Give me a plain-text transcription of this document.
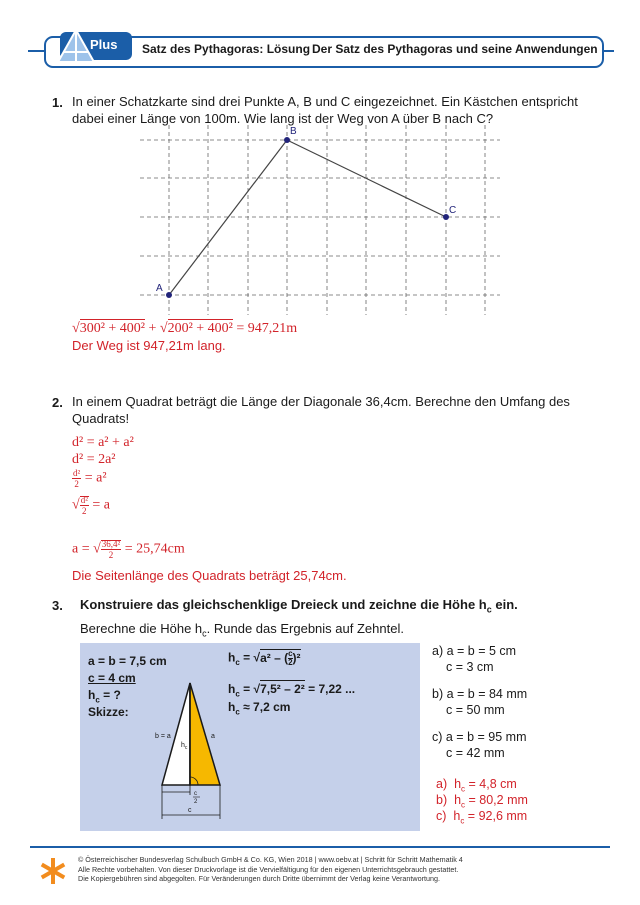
Plus Satz des Pythagoras: Lösung Der Satz des Pythagoras und seine Anwendungen
1. In einer Schatzkarte sind drei Punkte A, B und C eingezeichnet. Ein Kästchen entspricht
dabei einer Länge von 100m. Wie lang ist der Weg von A über B nach C?
A
B
C
√300² + 400² + √200² + 400² = 947,21m
Der Weg ist 947,21m lang.
2. In einem Quadrat beträgt die Länge der Diagonale 36,4cm. Berechne den Umfang des
Quadrats!
d² = a² + a²
d² = 2a²
$\frac{\text{d²}}{2} = a^2$
√ $\frac{\text{d²}}{2} = a$
a = √ $\frac{\text{36,4²}}{2} = 25,74cm$
Die Seitenlänge des Quadrats beträgt 25,74cm.
3. Konstruiere das gleichschenklige Dreieck und zeichne die Höhe $h_c$ ein.
Berechne die Höhe $h_c$. Runde das Ergebnis auf Zehntel.
a = b = 7,5 cm
c = 4 cm
$h_c$ = ?
Skizze:
$h_c = √a^2$ – ( $\frac{c}{2} )^2$
$h_c = √7,5^2 - 2^2 = 7,22$ ...
$h_c \approx 7,2$ cm
b = a	a
$h_c$
c
2
c
a) a = b = 5 cm
c = 3 cm
b) a = b = 84 mm
c = 50 mm
c) a = b = 95 mm
c = 42 mm
a) $h_c = 4,8$ cm
b) $h_c = 80,2$ mm
c) $h_c = 92,6$ mm
© Österreichischer Bundesverlag Schulbuch GmbH & Co. KG, Wien 2018 | www.oebv.at | Schritt für Schritt Mathematik 4
Alle Rechte vorbehalten. Von dieser Druckvorlage ist die Vervielfältigung für den eigenen Unterrichtsgebrauch gestattet.
Die Kopiergebühren sind abgegolten. Für Veränderungen durch Dritte übernimmt der Verlag keine Verantwortung.
